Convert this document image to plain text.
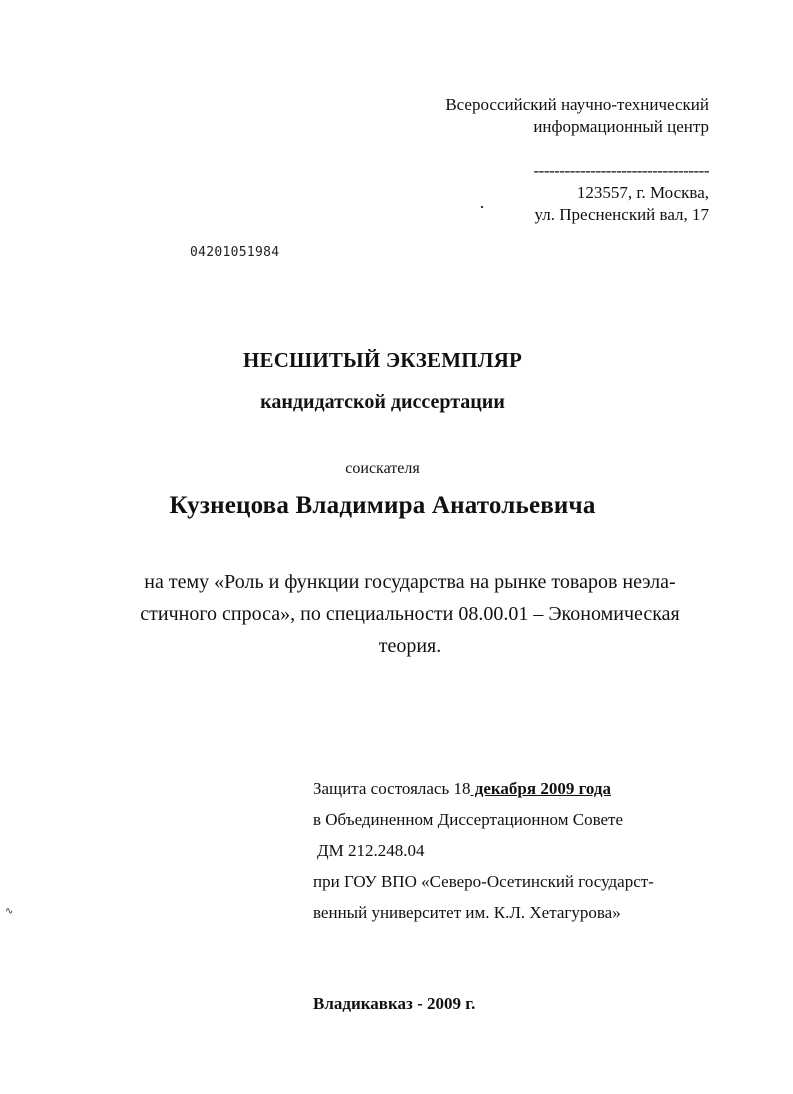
Всероссийский научно-технический
информационный центр
----------------------------------
123557, г. Москва,
ул. Пресненский вал, 17
04201051984
НЕСШИТЫЙ ЭКЗЕМПЛЯР
кандидатской диссертации
соискателя
Кузнецова Владимира Анатольевича
на тему «Роль и функции государства на рынке товаров неэла-
стичного спроса», по специальности 08.00.01 – Экономическая
теория.
Защита состоялась 18 декабря 2009 года
в Объединенном Диссертационном Совете
ДМ 212.248.04
при ГОУ ВПО «Северо-Осетинский государст-
венный университет им. К.Л. Хетагурова»
∿
Владикавказ - 2009 г.
